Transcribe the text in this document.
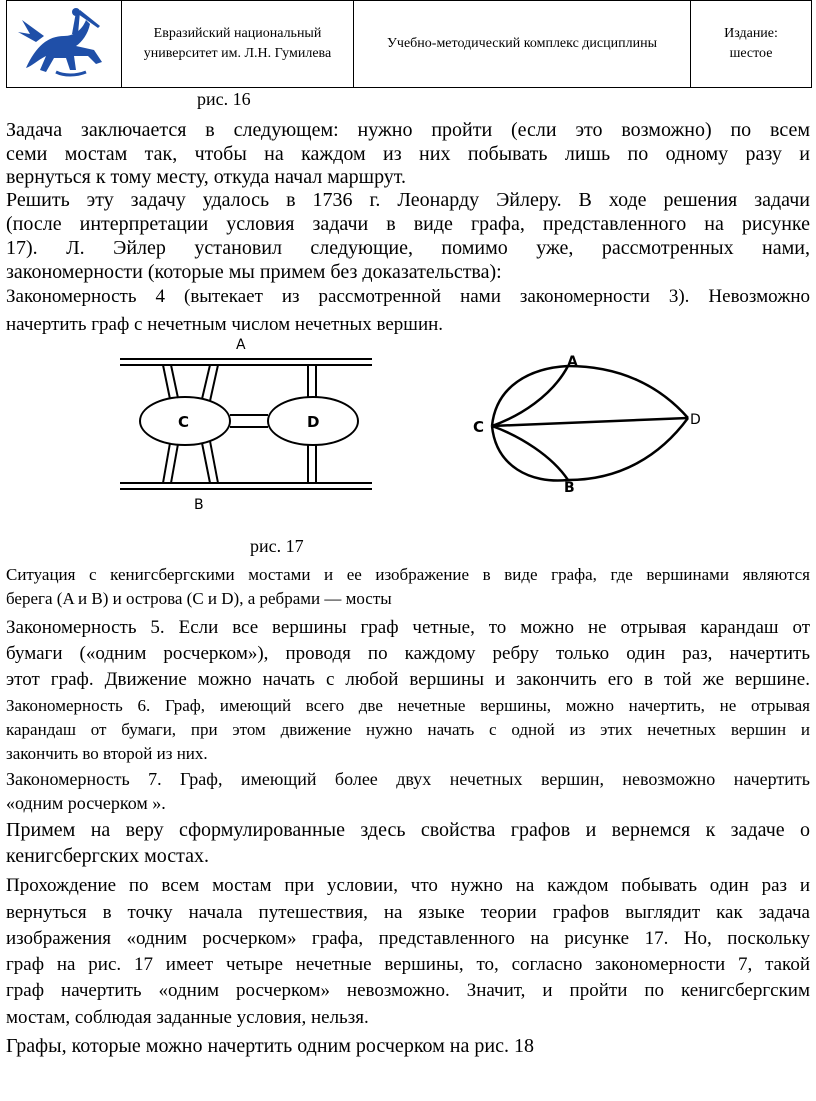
Евразийский национальный
университет им. Л.Н. Гумилева
Учебно-методический комплекс дисциплины
Издание:
шестое
рис. 16

Задача заключается в следующем: нужно пройти (если это возможно) по всем

семи мостам так, чтобы на каждом из них побывать лишь по одному разу и

вернуться к тому месту, откуда начал маршрут.

Решить эту задачу удалось в 1736 г. Леонарду Эйлеру. В ходе решения задачи

(после интерпретации условия задачи в виде графа, представленного на рисунке

17). Л. Эйлер установил следующие, помимо уже, рассмотренных нами,

закономерности (которые мы примем без доказательства):

Закономерность 4 (вытекает из рассмотренной нами закономерности 3). Невозможно

начертить граф с нечетным числом нечетных вершин.

A
B
C	D
A
B
C	D
рис. 17

Ситуация с кенигсбергскими мостами и ее изображение в виде графа, где вершинами являются

берега (A и B) и острова (C и D), а ребрами — мосты

Закономерность 5. Если все вершины граф четные, то можно не отрывая карандаш от

бумаги («одним росчерком»), проводя по каждому ребру только один раз, начертить

этот граф. Движение можно начать с любой вершины и закончить его в той же вершине.

Закономерность 6. Граф, имеющий всего две нечетные вершины, можно начертить, не отрывая

карандаш от бумаги, при этом движение нужно начать с одной из этих нечетных вершин и

закончить во второй из них.

Закономерность 7. Граф, имеющий более двух нечетных вершин, невозможно начертить

«одним росчерком ».

Примем на веру сформулированные здесь свойства графов и вернемся к задаче о

кенигсбергских мостах.

Прохождение по всем мостам при условии, что нужно на каждом побывать один раз и

вернуться в точку начала путешествия, на языке теории графов выглядит как задача

изображения «одним росчерком» графа, представленного на рисунке 17. Но, поскольку

граф на рис. 17 имеет четыре нечетные вершины, то, согласно закономерности 7, такой

граф начертить «одним росчерком» невозможно. Значит, и пройти по кенигсбергским

мостам, соблюдая заданные условия, нельзя.

Графы, которые можно начертить одним росчерком на рис. 18
